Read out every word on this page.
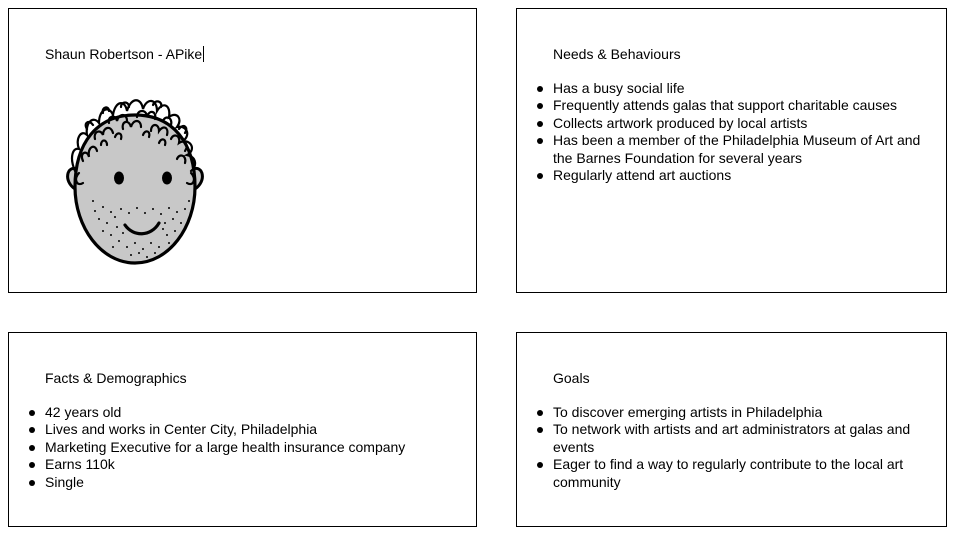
Shaun Robertson - APike	Needs & Behaviours
Has a busy social life
Frequently attends galas that support charitable causes
Collects artwork produced by local artists
Has been a member of the Philadelphia Museum of Art and the Barnes Foundation for several years
Regularly attend art auctions
Facts & Demographics
42 years old
Lives and works in Center City, Philadelphia
Marketing Executive for a large health insurance company
Earns 110k
Single
Goals
To discover emerging artists in Philadelphia
To network with artists and art administrators at galas and events
Eager to find a way to regularly contribute to the local art community
